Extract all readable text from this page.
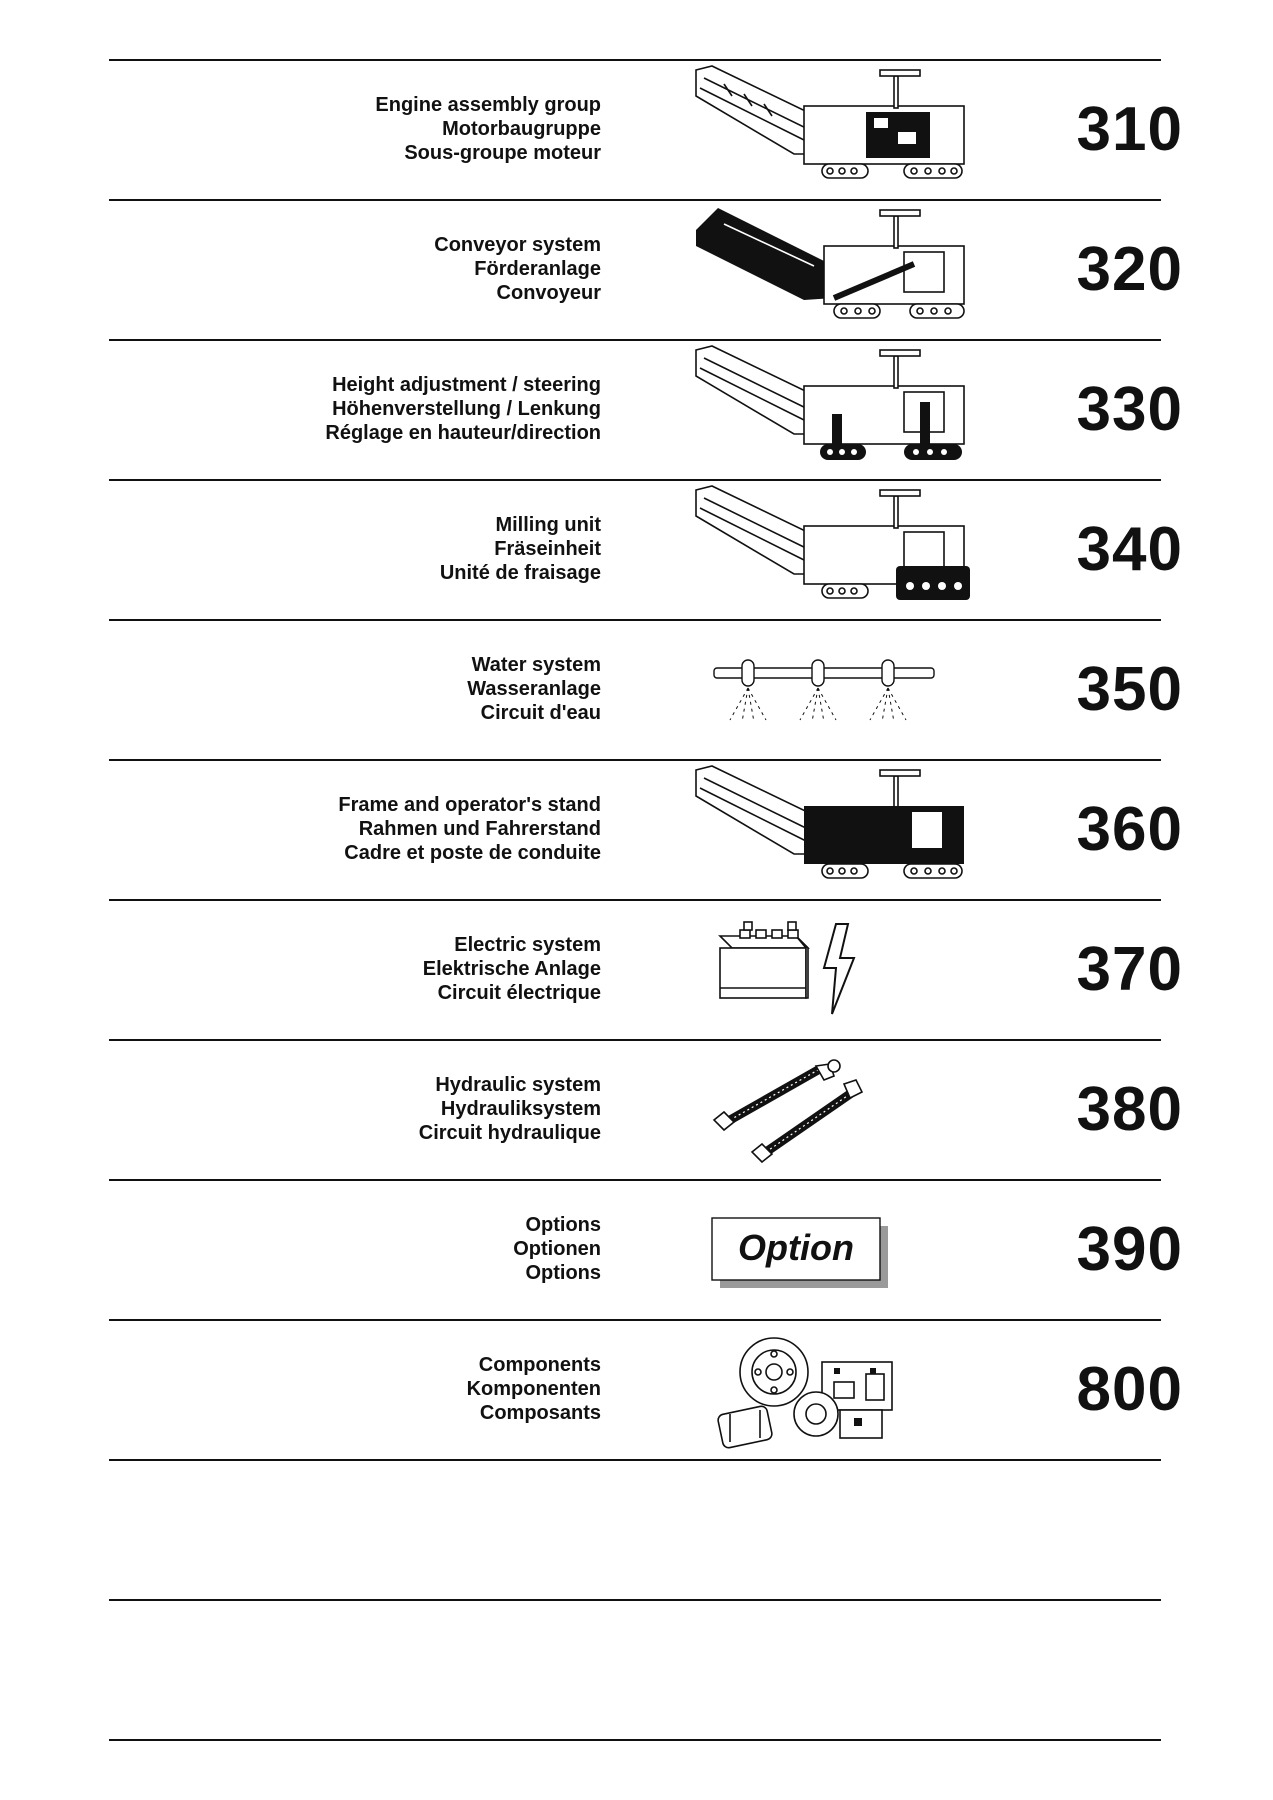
Engine assembly group
Motorbaugruppe
Sous-groupe moteur	310
Conveyor system
Förderanlage
Convoyeur	320
Height adjustment / steering
Höhenverstellung / Lenkung
Réglage en hauteur/direction	330
Milling unit
Fräseinheit
Unité de fraisage	340
Water system
Wasseranlage
Circuit d'eau	350
Frame and operator's stand
Rahmen und Fahrerstand
Cadre et poste de conduite	360
Electric system
Elektrische Anlage
Circuit électrique	370
Hydraulic system
Hydrauliksystem
Circuit hydraulique	380
Options
Optionen
Options
Option	390
Components
Komponenten
Composants	800
